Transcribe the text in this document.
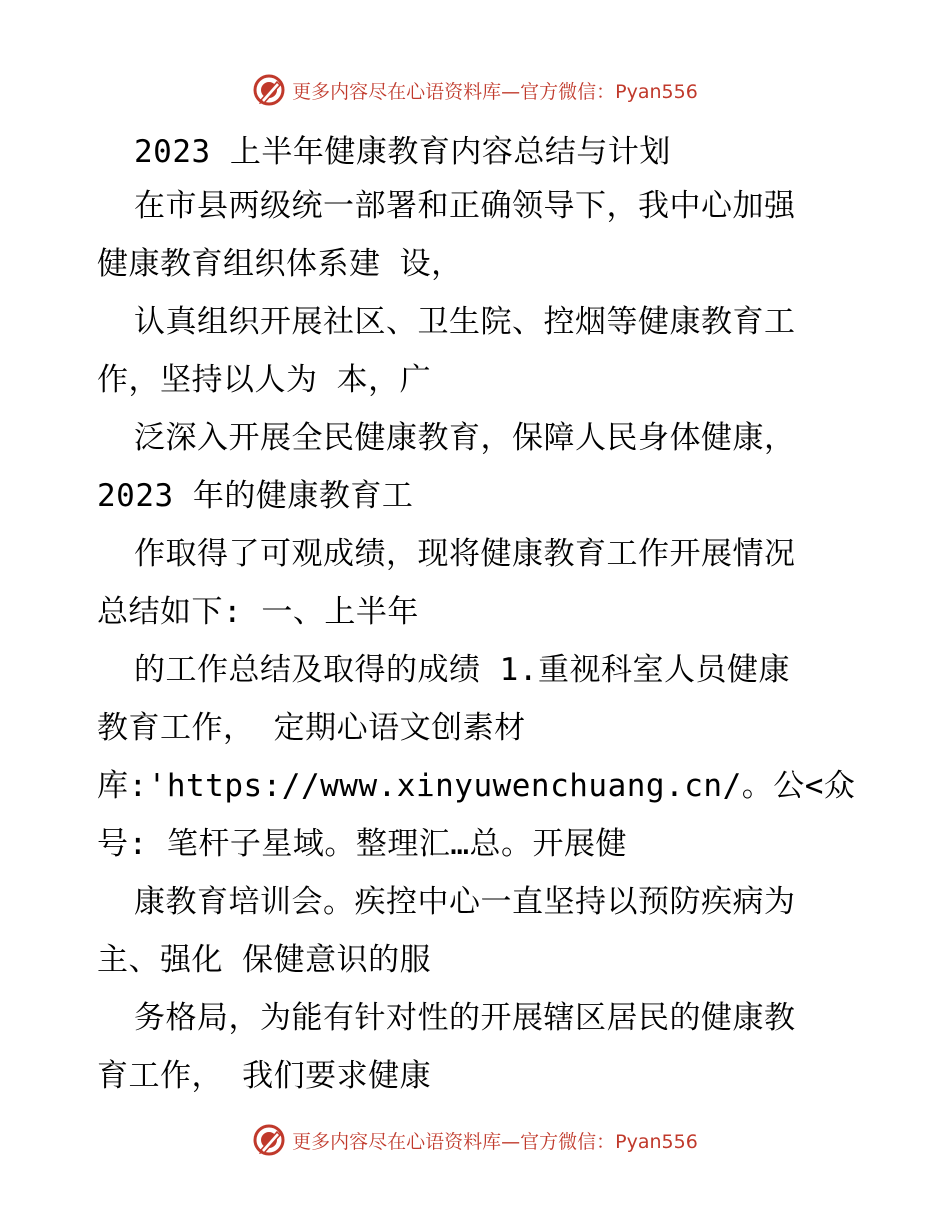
更多内容尽在心语资料库—官方微信：Pyan556
2023 上半年健康教育内容总结与计划
在市县两级统一部署和正确领导下，我中心加强
健康教育组织体系建 设，
认真组织开展社区、卫生院、控烟等健康教育工
作，坚持以人为 本，广
泛深入开展全民健康教育，保障人民身体健康，
2023 年的健康教育工
作取得了可观成绩，现将健康教育工作开展情况
总结如下: 一、上半年
的工作总结及取得的成绩 1.重视科室人员健康
教育工作， 定期心语文创素材
库:'https://www.xinyuwenchuang.cn/。公<众
号: 笔杆子星域。整理汇…总。开展健
康教育培训会。疾控中心一直坚持以预防疾病为
主、强化 保健意识的服
务格局，为能有针对性的开展辖区居民的健康教
育工作， 我们要求健康
更多内容尽在心语资料库—官方微信：Pyan556
